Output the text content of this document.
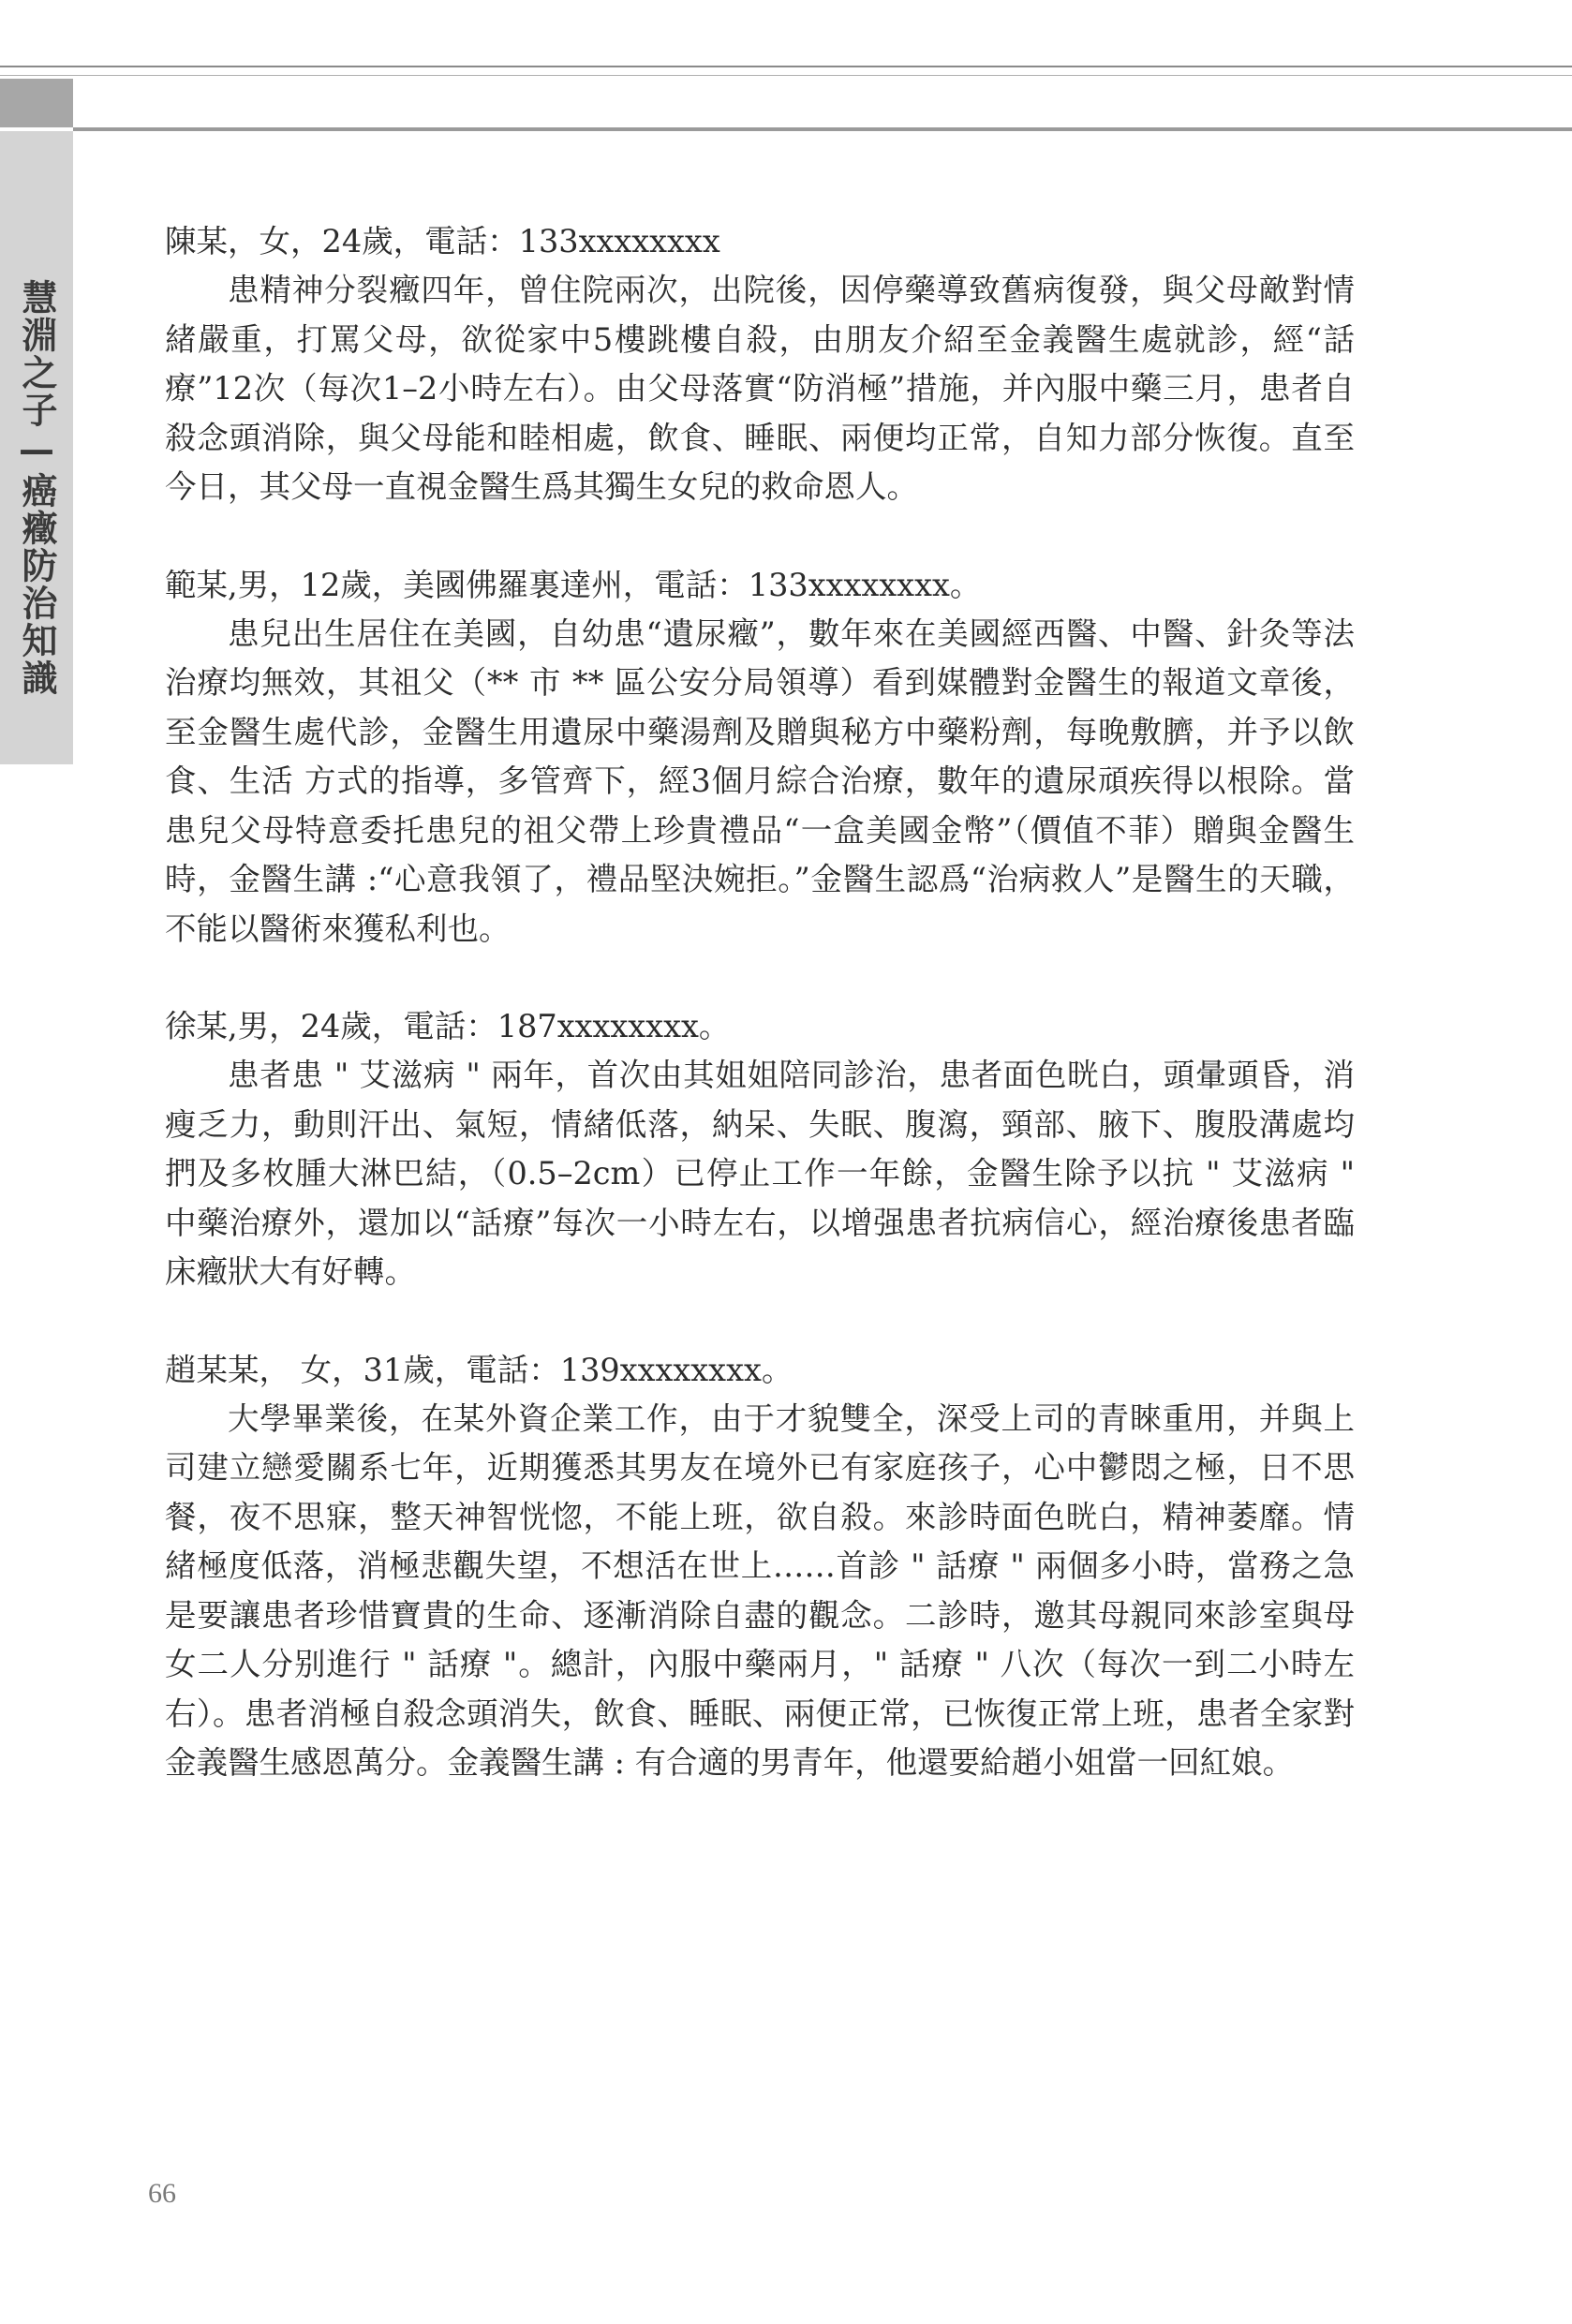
慧淵之子—癌癥防治知識
陳某，女，24歲，電話：133xxxxxxxx

患精神分裂癥四年，曾住院兩次，出院後，因停藥導致舊病復發，與父母敵對情緒嚴重，打罵父母，欲從家中5樓跳樓自殺，由朋友介紹至金義醫生處就診，經“話療”12次（每次1–2小時左右）。由父母落實“防消極”措施，并內服中藥三月，患者自殺念頭消除，與父母能和睦相處，飲食、睡眠、兩便均正常，自知力部分恢復。直至今日，其父母一直視金醫生爲其獨生女兒的救命恩人。

範某,男，12歲，美國佛羅裏達州，電話：133xxxxxxxx。

患兒出生居住在美國，自幼患“遺尿癥”，數年來在美國經西醫、中醫、針灸等法治療均無效，其祖父（** 市 ** 區公安分局領導）看到媒體對金醫生的報道文章後，至金醫生處代診，金醫生用遺尿中藥湯劑及贈與秘方中藥粉劑，每晚敷臍，并予以飲食、生活 方式的指導，多管齊下，經3個月綜合治療，數年的遺尿頑疾得以根除。當患兒父母特意委托患兒的祖父帶上珍貴禮品“一盒美國金幣”（價值不菲）贈與金醫生 時，金醫生講 :“心意我領了，禮品堅決婉拒。”金醫生認爲“治病救人”是醫生的天職，不能以醫術來獲私利也。

徐某,男，24歲，電話：187xxxxxxxx。

患者患 " 艾滋病 " 兩年，首次由其姐姐陪同診治，患者面色晄白，頭暈頭昏，消瘦乏力，動則汗出、氣短，情緒低落，納呆、失眠、腹瀉，頸部、腋下、腹股溝處均捫及多枚腫大淋巴結，（0.5–2cm）已停止工作一年餘，金醫生除予以抗 " 艾滋病 " 中藥治療外，還加以“話療”每次一小時左右，以增强患者抗病信心，經治療後患者臨床癥狀大有好轉。

趙某某， 女，31歲，電話：139xxxxxxxx。

大學畢業後，在某外資企業工作，由于才貌雙全，深受上司的青睞重用，并與上司建立戀愛關系七年，近期獲悉其男友在境外已有家庭孩子，心中鬱悶之極，日不思餐，夜不思寐，整天神智恍惚，不能上班，欲自殺。來診時面色晄白，精神萎靡。情緒極度低落，消極悲觀失望，不想活在世上……首診 " 話療 " 兩個多小時，當務之急是要讓患者珍惜寶貴的生命、逐漸消除自盡的觀念。二診時，邀其母親同來診室與母女二人分别進行 " 話療 "。總計，內服中藥兩月，" 話療 " 八次（每次一到二小時左右）。患者消極自殺念頭消失，飲食、睡眠、兩便正常，已恢復正常上班，患者全家對金義醫生感恩萬分。金義醫生講 : 有合適的男青年，他還要給趙小姐當一回紅娘。

66
